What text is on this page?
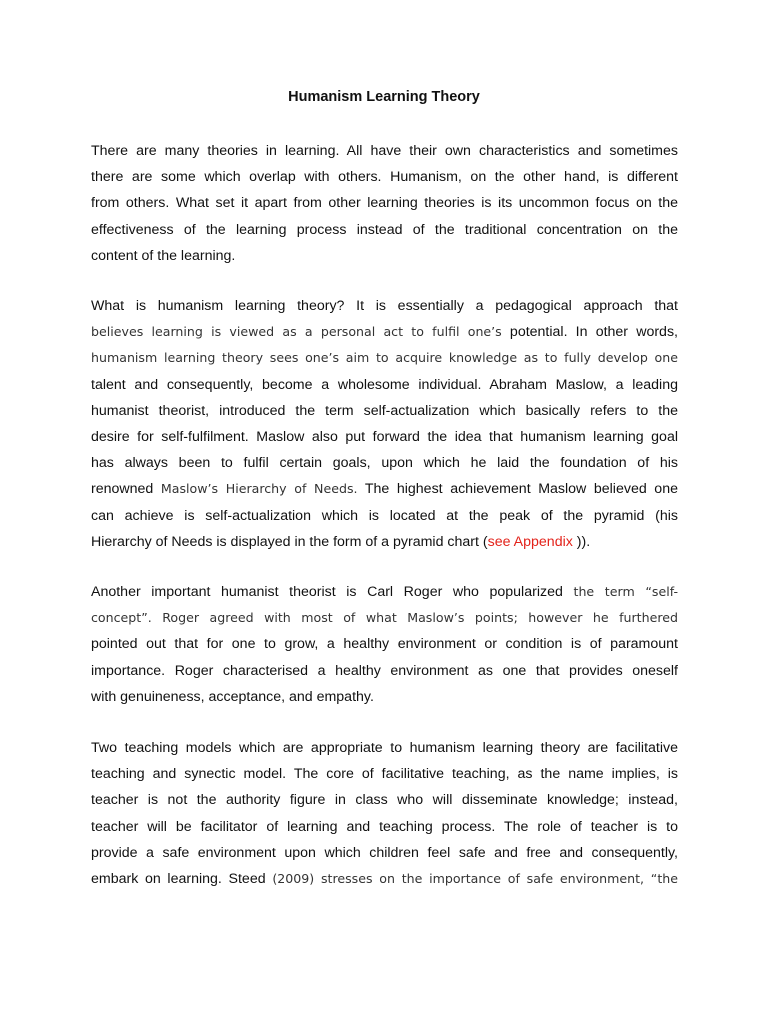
Humanism Learning Theory
There are many theories in learning. All have their own characteristics and sometimes
there are some which overlap with others. Humanism, on the other hand, is different
from others. What set it apart from other learning theories is its uncommon focus on the
effectiveness of the learning process instead of the traditional concentration on the
content of the learning.
What is humanism learning theory? It is essentially a pedagogical approach that
believes learning is viewed as a personal act to fulfil one’s potential. In other words,
humanism learning theory sees one’s aim to acquire knowledge as to fully develop one
talent and consequently, become a wholesome individual. Abraham Maslow, a leading
humanist theorist, introduced the term self-actualization which basically refers to the
desire for self-fulfilment. Maslow also put forward the idea that humanism learning goal
has always been to fulfil certain goals, upon which he laid the foundation of his
renowned Maslow’s Hierarchy of Needs. The highest achievement Maslow believed one
can achieve is self-actualization which is located at the peak of the pyramid (his
Hierarchy of Needs is displayed in the form of a pyramid chart (see Appendix )).
Another important humanist theorist is Carl Roger who popularized the term “self-
concept”. Roger agreed with most of what Maslow’s points; however he furthered
pointed out that for one to grow, a healthy environment or condition is of paramount
importance. Roger characterised a healthy environment as one that provides oneself
with genuineness, acceptance, and empathy.
Two teaching models which are appropriate to humanism learning theory are facilitative
teaching and synectic model. The core of facilitative teaching, as the name implies, is
teacher is not the authority figure in class who will disseminate knowledge; instead,
teacher will be facilitator of learning and teaching process. The role of teacher is to
provide a safe environment upon which children feel safe and free and consequently,
embark on learning. Steed (2009) stresses on the importance of safe environment, “the
